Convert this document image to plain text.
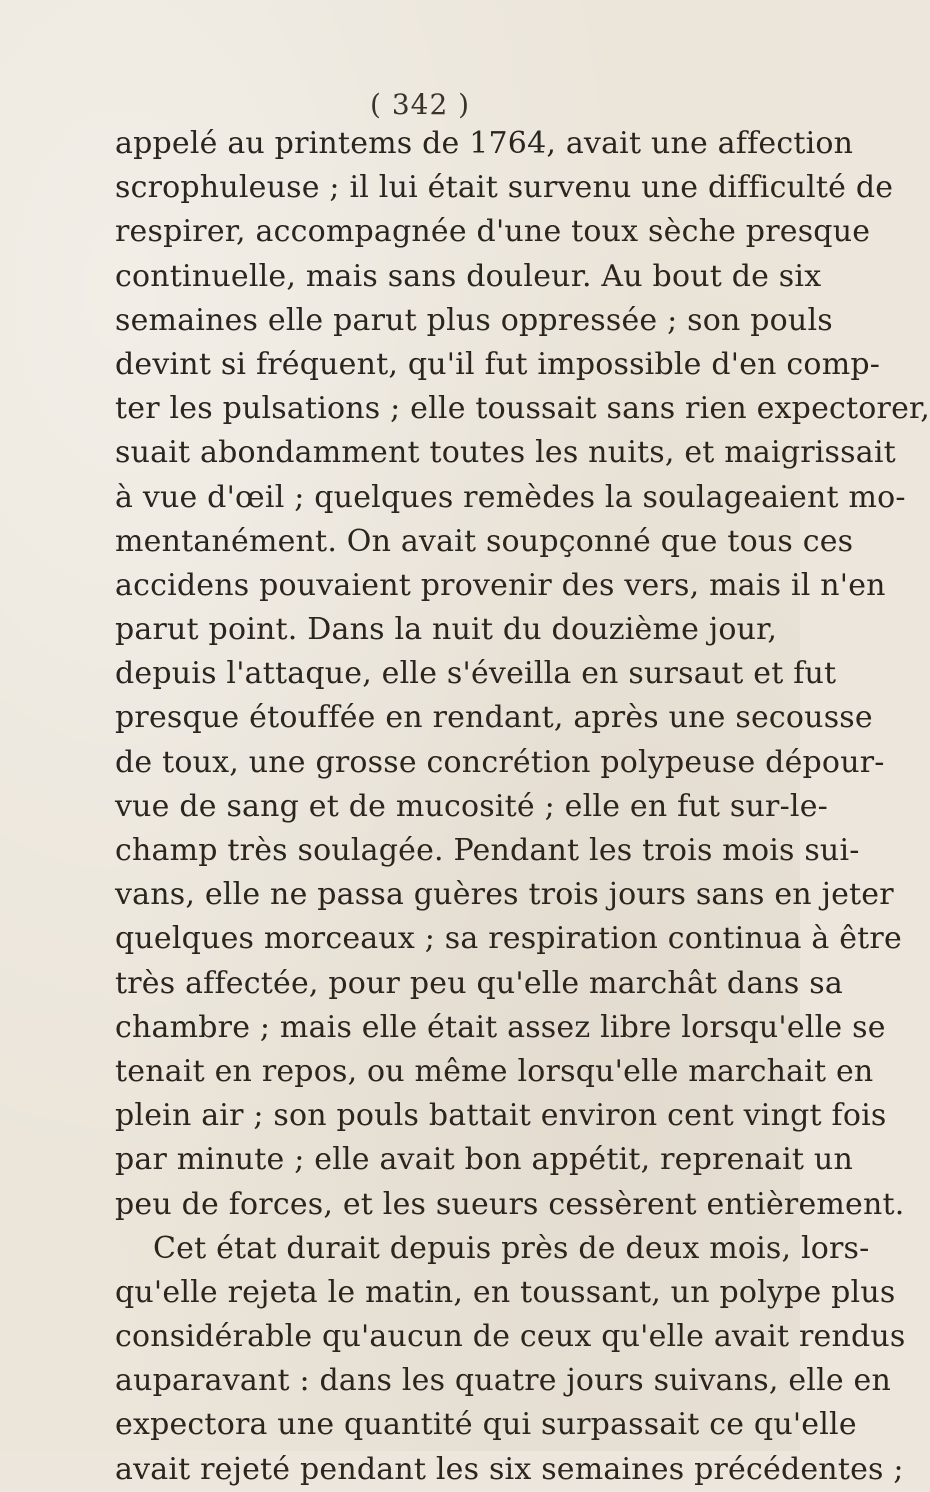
( 342 )
appelé au printems de 1764, avait une affection
scrophuleuse ; il lui était survenu une difficulté de
respirer, accompagnée d'une toux sèche presque
continuelle, mais sans douleur. Au bout de six
semaines elle parut plus oppressée ; son pouls
devint si fréquent, qu'il fut impossible d'en comp-
ter les pulsations ; elle toussait sans rien expectorer,
suait abondamment toutes les nuits, et maigrissait
à vue d'œil ; quelques remèdes la soulageaient mo-
mentanément. On avait soupçonné que tous ces
accidens pouvaient provenir des vers, mais il n'en
parut point. Dans la nuit du douzième jour,
depuis l'attaque, elle s'éveilla en sursaut et fut
presque étouffée en rendant, après une secousse
de toux, une grosse concrétion polypeuse dépour-
vue de sang et de mucosité ; elle en fut sur-le-
champ très soulagée. Pendant les trois mois sui-
vans, elle ne passa guères trois jours sans en jeter
quelques morceaux ; sa respiration continua à être
très affectée, pour peu qu'elle marchât dans sa
chambre ; mais elle était assez libre lorsqu'elle se
tenait en repos, ou même lorsqu'elle marchait en
plein air ; son pouls battait environ cent vingt fois
par minute ; elle avait bon appétit, reprenait un
peu de forces, et les sueurs cessèrent entièrement.
Cet état durait depuis près de deux mois, lors-
qu'elle rejeta le matin, en toussant, un polype plus
considérable qu'aucun de ceux qu'elle avait rendus
auparavant : dans les quatre jours suivans, elle en
expectora une quantité qui surpassait ce qu'elle
avait rejeté pendant les six semaines précédentes ;
